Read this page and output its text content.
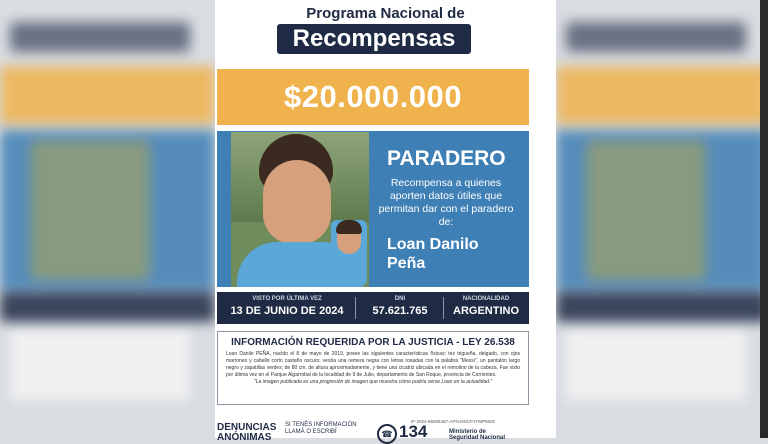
Programa Nacional de
Recompensas
$20.000.000
PARADERO
Recompensa a quienes aporten datos útiles que permitan dar con el paradero de:
Loan Danilo
Peña
VISTO POR ÚLTIMA VEZ
13 DE JUNIO DE 2024
DNI
57.621.765
NACIONALIDAD
ARGENTINO
INFORMACIÓN REQUERIDA POR LA JUSTICIA - LEY 26.538
Loan Danilo PEÑA, nacido el 8 de mayo de 2019, posee las siguientes características físicas: tez trigueña, delgado, con ojos marrones y cabello corto castaño oscuro; vestía una remera negra con letras rosadas con la palabra "Messi", un pantalón largo negro y zapatillas verdes; de 80 cm. de altura aproximadamente, y tiene una cicatriz ubicada en el remolino de la cabeza. Fue visto por última vez en el Parque Algarrobal de la localidad de 9 de Julio, departamento de San Roque, provincia de Corrientes.
"La imagen publicada es una progresión de imagen que muestra cómo podría verse Loan en la actualidad."
DENUNCIAS
ANÓNIMAS
SI TENÉS INFORMACIÓN
LLAMÁ O ESCRIBÍ	☎ 134
IF-2024-65006467-APN-DNCPJYMPMSG
Ministerio de
Seguridad Nacional
